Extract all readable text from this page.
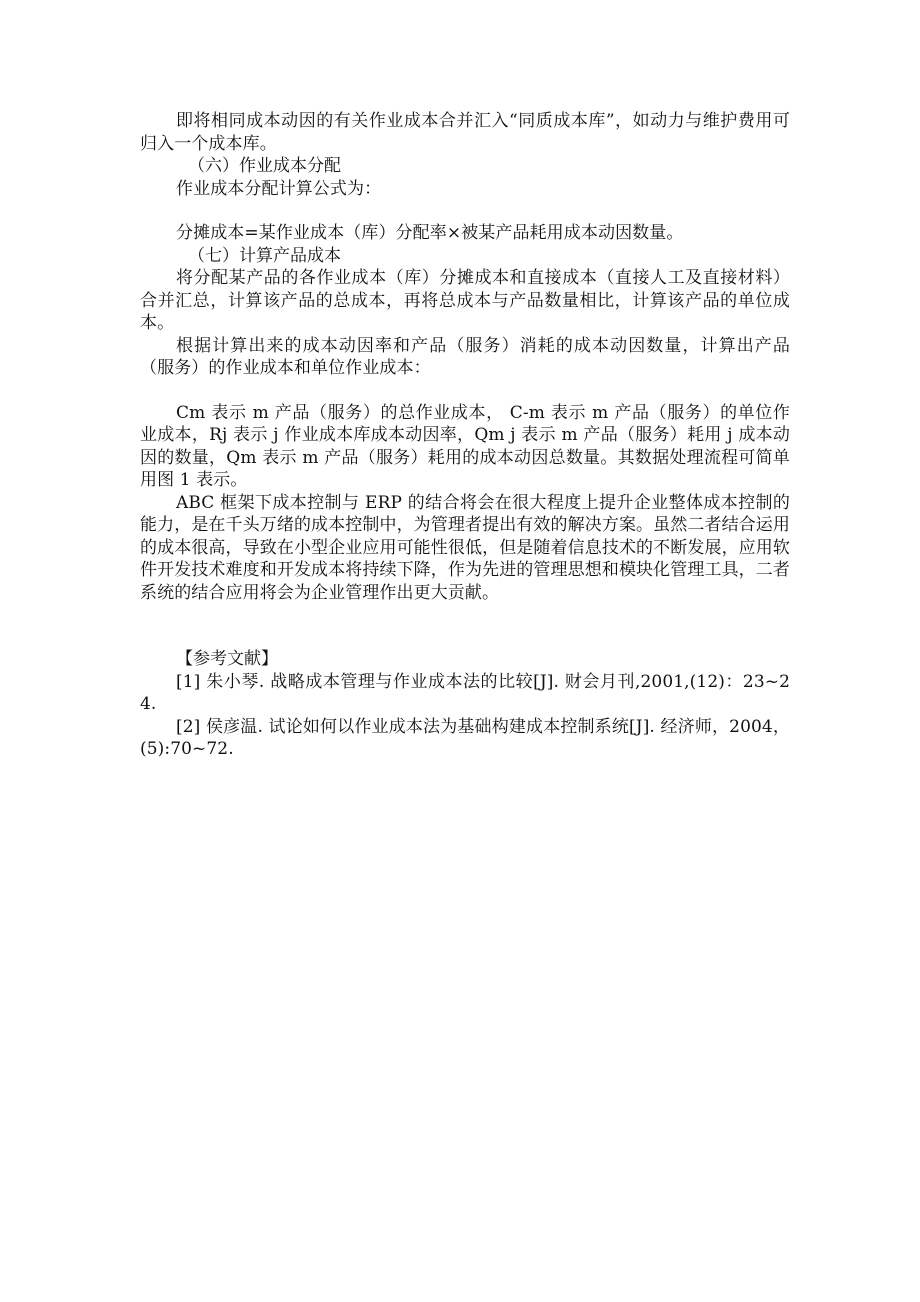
即将相同成本动因的有关作业成本合并汇入“同质成本库”，如动力与维护费用可归入一个成本库。

（六）作业成本分配

作业成本分配计算公式为：

分摊成本=某作业成本（库）分配率×被某产品耗用成本动因数量。

（七）计算产品成本

将分配某产品的各作业成本（库）分摊成本和直接成本（直接人工及直接材料）合并汇总，计算该产品的总成本，再将总成本与产品数量相比，计算该产品的单位成本。

根据计算出来的成本动因率和产品（服务）消耗的成本动因数量，计算出产品（服务）的作业成本和单位作业成本：

Cm 表示 m 产品（服务）的总作业成本， C-m 表示 m 产品（服务）的单位作业成本，Rj 表示 j 作业成本库成本动因率，Qm j 表示 m 产品（服务）耗用 j 成本动因的数量，Qm 表示 m 产品（服务）耗用的成本动因总数量。其数据处理流程可简单用图 1 表示。

ABC 框架下成本控制与 ERP 的结合将会在很大程度上提升企业整体成本控制的能力，是在千头万绪的成本控制中，为管理者提出有效的解决方案。虽然二者结合运用的成本很高，导致在小型企业应用可能性很低，但是随着信息技术的不断发展，应用软件开发技术难度和开发成本将持续下降，作为先进的管理思想和模块化管理工具，二者系统的结合应用将会为企业管理作出更大贡献。

【参考文献】

[1] 朱小琴. 战略成本管理与作业成本法的比较[J]. 财会月刊,2001,(12)：23~24.

[2] 侯彦温. 试论如何以作业成本法为基础构建成本控制系统[J]. 经济师，2004，(5):70~72.
